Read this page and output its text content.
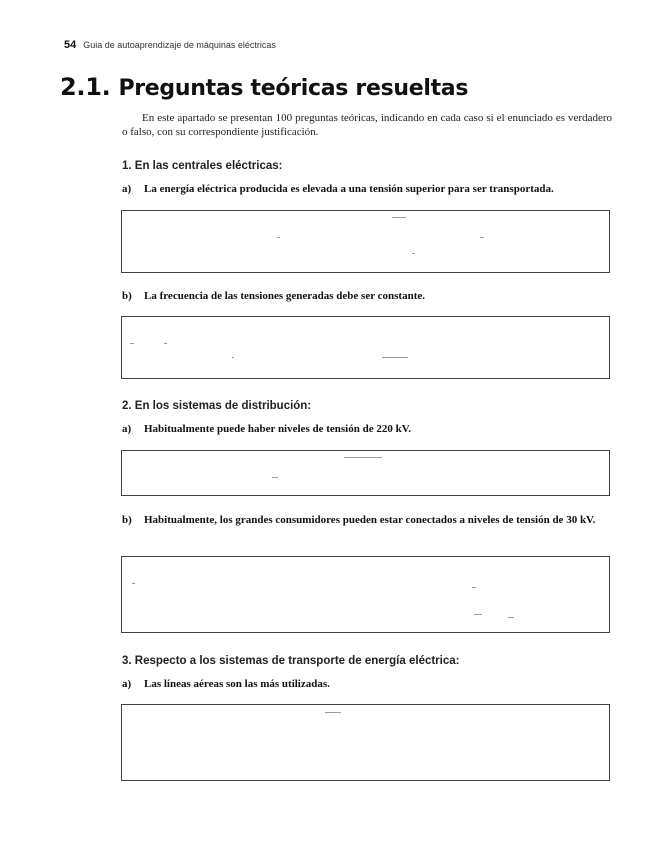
54 Guia de autoaprendizaje de máquinas eléctricas
2.1. Preguntas teóricas resueltas
En este apartado se presentan 100 preguntas teóricas, indicando en cada caso si el enunciado es verdadero o falso, con su correspondiente justificación.
1. En las centrales eléctricas:
a) La energía eléctrica producida es elevada a una tensión superior para ser transportada.
b) La frecuencia de las tensiones generadas debe ser constante.
2. En los sistemas de distribución:
a) Habitualmente puede haber niveles de tensión de 220 kV.
b) Habitualmente, los grandes consumidores pueden estar conectados a niveles de tensión de 30 kV.
3. Respecto a los sistemas de transporte de energía eléctrica:
a) Las líneas aéreas son las más utilizadas.
